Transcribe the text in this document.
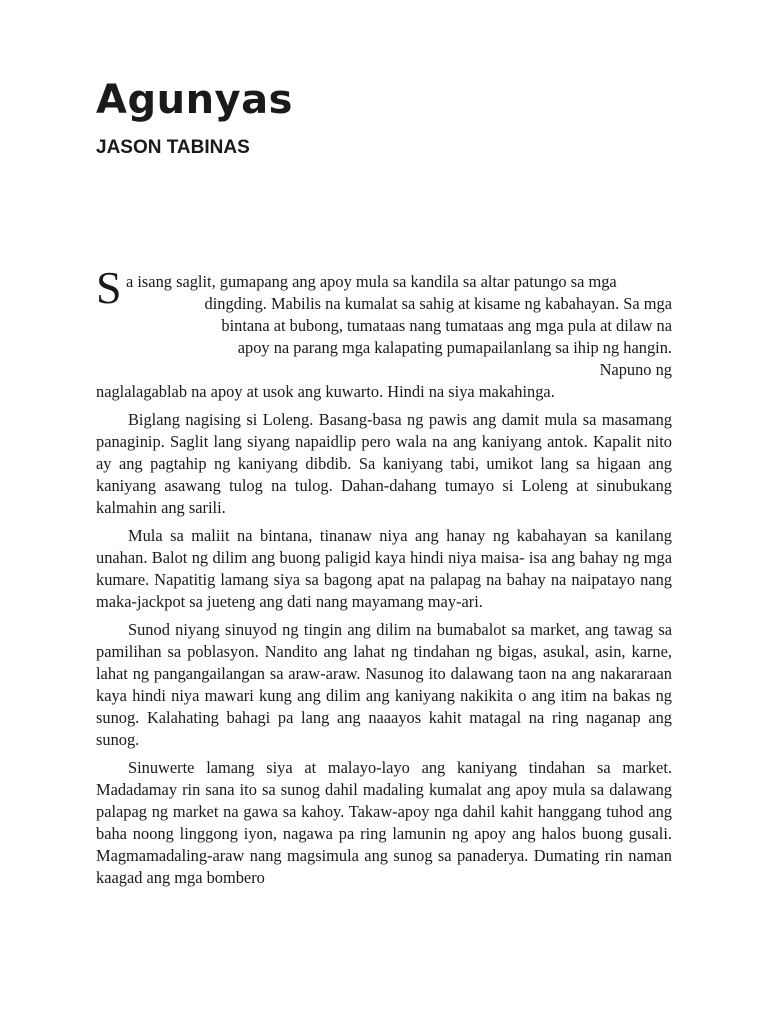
Agunyas
JASON TABINAS

S a isang saglit, gumapang ang apoy mula sa kandila sa altar patungo sa mga
dingding. Mabilis na kumalat sa sahig at kisame ng kabahayan. Sa mga
bintana at bubong, tumataas nang tumataas ang mga pula at dilaw na
apoy na parang mga kalapating pumapailanlang sa ihip ng hangin.
Napuno ng
naglalagablab na apoy at usok ang kuwarto. Hindi na siya makahinga.

Biglang nagising si Loleng. Basang-basa ng pawis ang damit mula sa masamang panaginip. Saglit lang siyang napaidlip pero wala na ang kaniyang antok. Kapalit nito ay ang pagtahip ng kaniyang dibdib. Sa kaniyang tabi, umikot lang sa higaan ang kaniyang asawang tulog na tulog. Dahan-dahang tumayo si Loleng at sinubukang kalmahin ang sarili.

Mula sa maliit na bintana, tinanaw niya ang hanay ng kabahayan sa kanilang unahan. Balot ng dilim ang buong paligid kaya hindi niya maisa- isa ang bahay ng mga kumare. Napatitig lamang siya sa bagong apat na palapag na bahay na naipatayo nang maka-jackpot sa jueteng ang dati nang mayamang may-ari.

Sunod niyang sinuyod ng tingin ang dilim na bumabalot sa market, ang tawag sa pamilihan sa poblasyon. Nandito ang lahat ng tindahan ng bigas, asukal, asin, karne, lahat ng pangangailangan sa araw-araw. Nasunog ito dalawang taon na ang nakararaan kaya hindi niya mawari kung ang dilim ang kaniyang nakikita o ang itim na bakas ng sunog. Kalahating bahagi pa lang ang naaayos kahit matagal na ring naganap ang sunog.

Sinuwerte lamang siya at malayo-layo ang kaniyang tindahan sa market. Madadamay rin sana ito sa sunog dahil madaling kumalat ang apoy mula sa dalawang palapag ng market na gawa sa kahoy. Takaw-apoy nga dahil kahit hanggang tuhod ang baha noong linggong iyon, nagawa pa ring lamunin ng apoy ang halos buong gusali. Magmamadaling-araw nang magsimula ang sunog sa panaderya. Dumating rin naman kaagad ang mga bombero
